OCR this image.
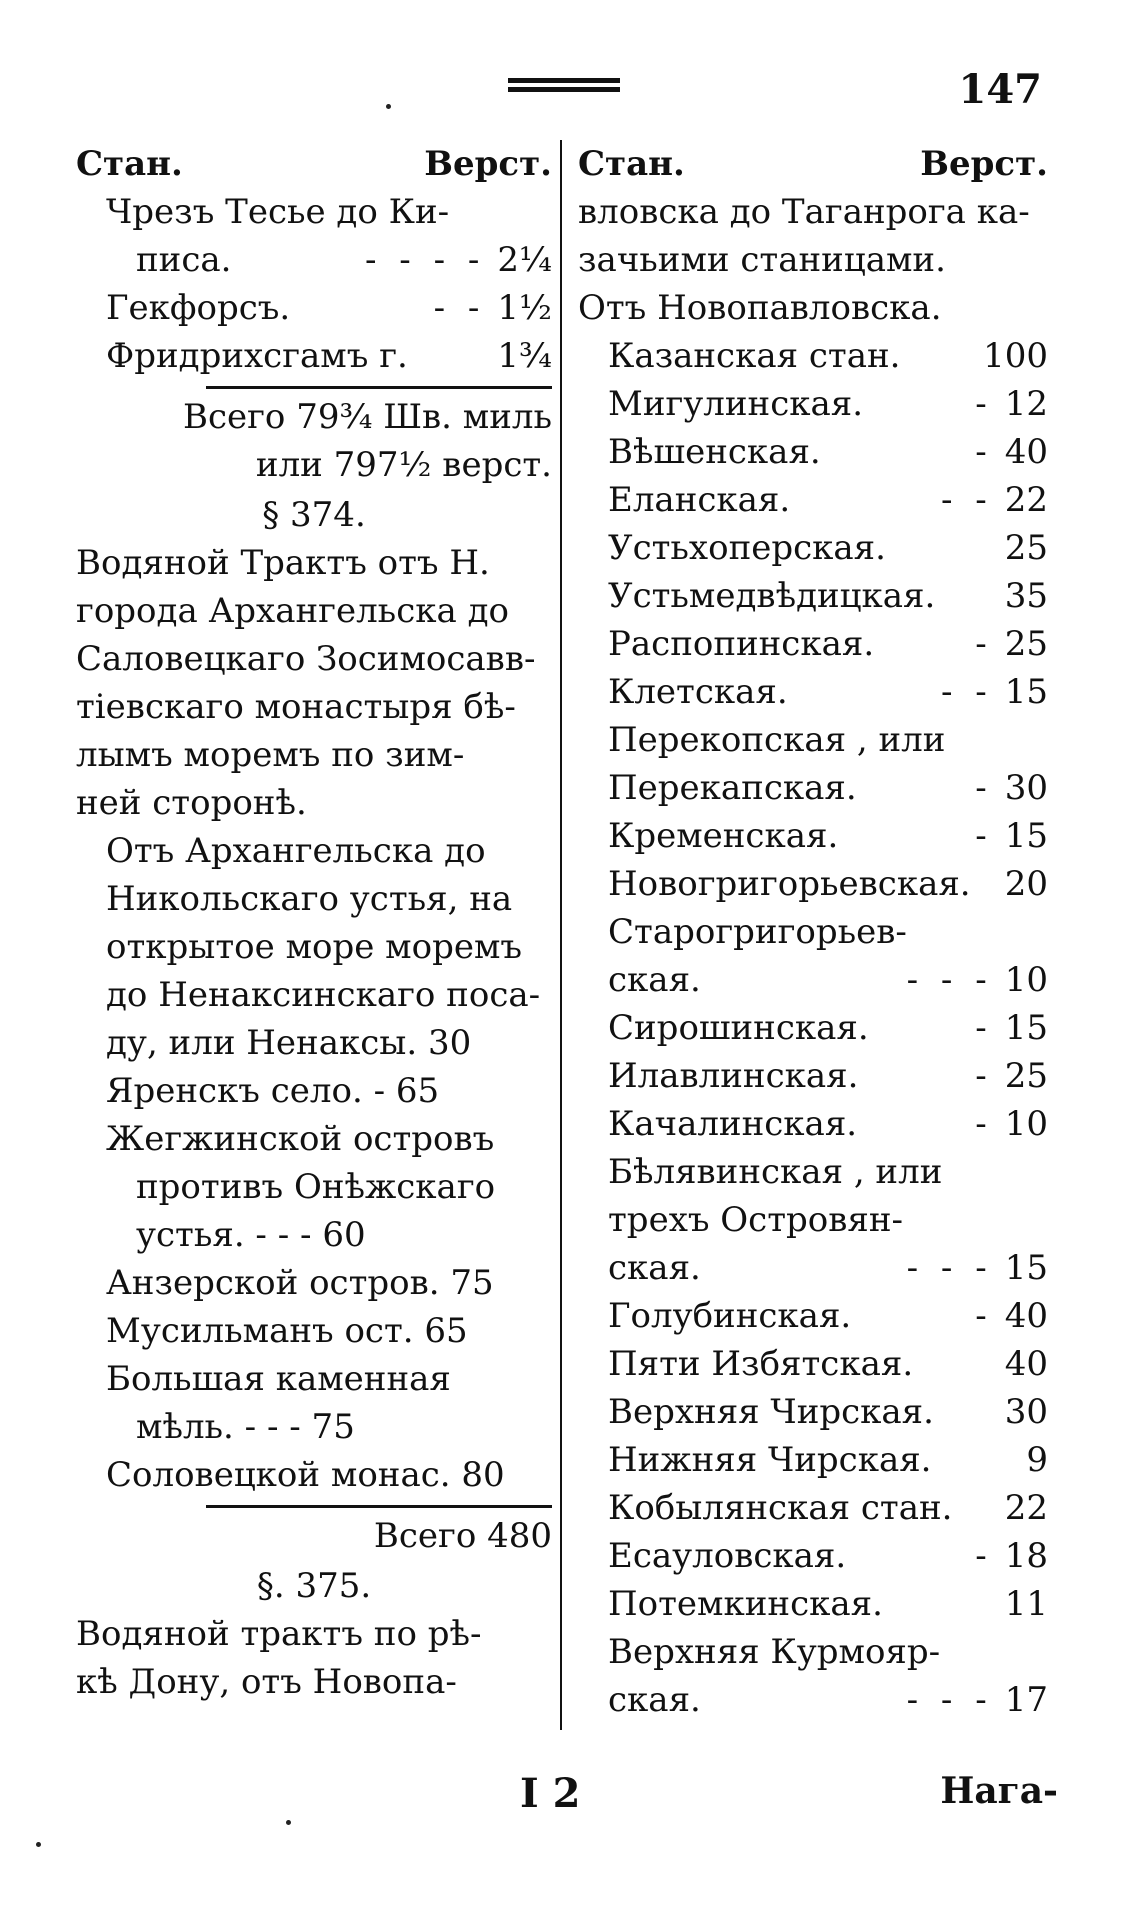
147
Стан.	Верст.
Чрезъ Тесье до Ки-
писа.	- - - - 2¼
Гекфорсъ.	- - 1½
Фридрихсгамъ г.	1¾
Всего 79¾ Шв. миль
или 797½ верст.
§ 374.
Водяной Трактъ отъ Н.
города Архангельска до
Саловецкаго Зосимосавв-
тіевскаго монастыря бѣ-
лымъ моремъ по зим-
ней сторонѣ.
Отъ Архангельска до
Никольскаго устья, на
открытое море моремъ
до Ненаксинскаго поса-
ду, или Ненаксы. 30
Яренскъ село. - 65
Жегжинской островъ
противъ Онѣжскаго
устья. - - - 60
Анзерской остров. 75
Мусильманъ ост. 65
Большая каменная
мѣль. - - - 75
Соловецкой монас. 80
Всего 480
§. 375.
Водяной трактъ по рѣ-
кѣ Дону, отъ Новопа-
Стан.	Верст.
вловска до Таганрога ка-
зачьими станицами.
Отъ Новопавловска.
Казанская стан. 100
Мигулинская.	- 12
Вѣшенская.	- 40
Еланская.	- - 22
Устьхоперская.	25
Устьмедвѣдицкая. 35
Распопинская.	- 25
Клетская.	- - 15
Перекопская , или
Перекапская.	- 30
Кременская.	- 15
Новогригорьевская. 20
Старогригорьев-
ская.	- - - 10
Сирошинская.	- 15
Илавлинская.	- 25
Качалинская.	- 10
Бѣлявинская , или
трехъ Островян-
ская.	- - - 15
Голубинская.	- 40
Пяти Избятская.	40
Верхняя Чирская. 30
Нижняя Чирская.	9
Кобылянская стан. 22
Есауловская.	- 18
Потемкинская.	11
Верхняя Курмояр-
ская.	- - - 17
I 2	Нага-
